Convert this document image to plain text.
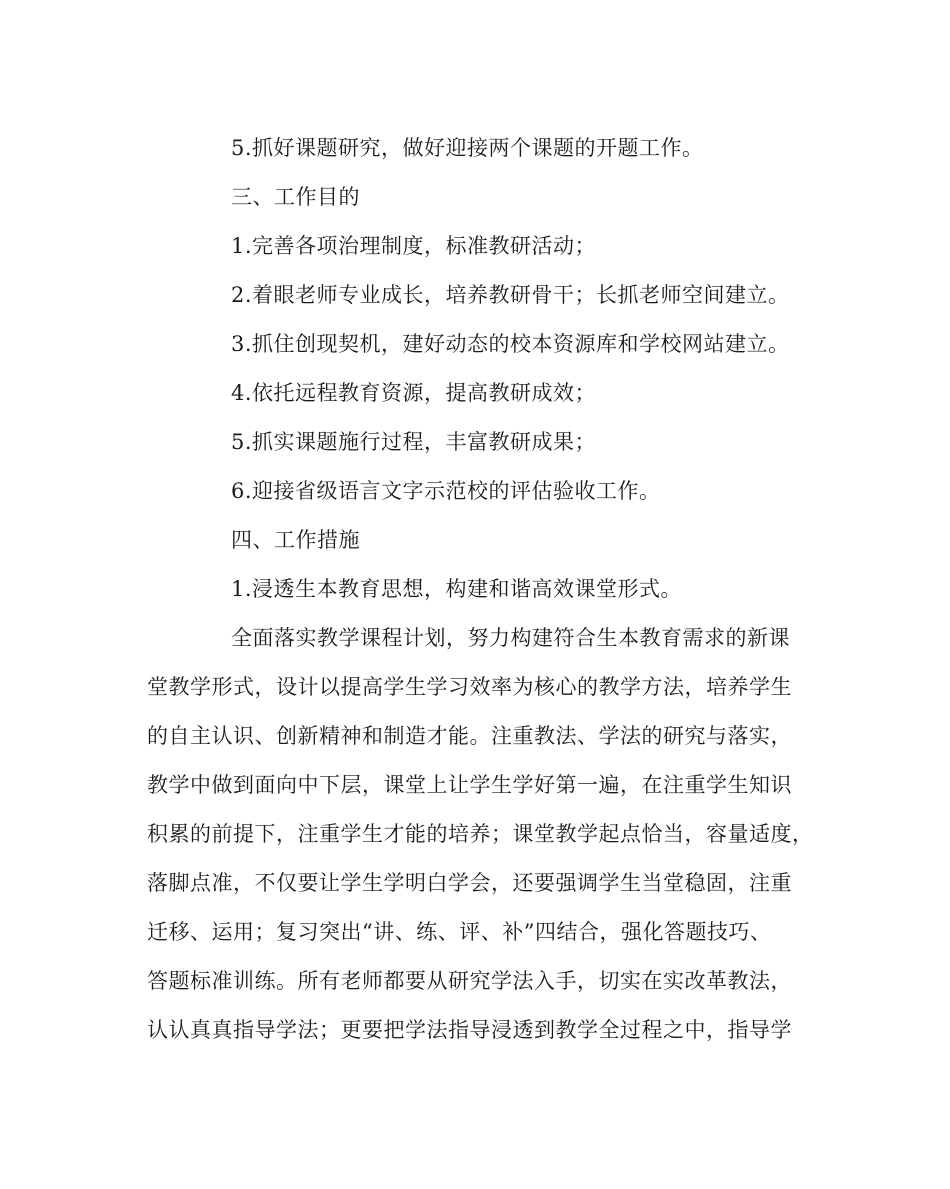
5.抓好课题研究，做好迎接两个课题的开题工作。
三、工作目的
1.完善各项治理制度，标准教研活动；
2.着眼老师专业成长，培养教研骨干；长抓老师空间建立。
3.抓住创现契机，建好动态的校本资源库和学校网站建立。
4.依托远程教育资源，提高教研成效；
5.抓实课题施行过程，丰富教研成果；
6.迎接省级语言文字示范校的评估验收工作。
四、工作措施
1.浸透生本教育思想，构建和谐高效课堂形式。
全面落实教学课程计划，努力构建符合生本教育需求的新课
堂教学形式，设计以提高学生学习效率为核心的教学方法，培养学生
的自主认识、创新精神和制造才能。注重教法、学法的研究与落实，
教学中做到面向中下层，课堂上让学生学好第一遍，在注重学生知识
积累的前提下，注重学生才能的培养；课堂教学起点恰当，容量适度，
落脚点准，不仅要让学生学明白学会，还要强调学生当堂稳固，注重
迁移、运用；复习突出“讲、练、评、补”四结合，强化答题技巧、
答题标准训练。所有老师都要从研究学法入手，切实在实改革教法，
认认真真指导学法；更要把学法指导浸透到教学全过程之中，指导学
